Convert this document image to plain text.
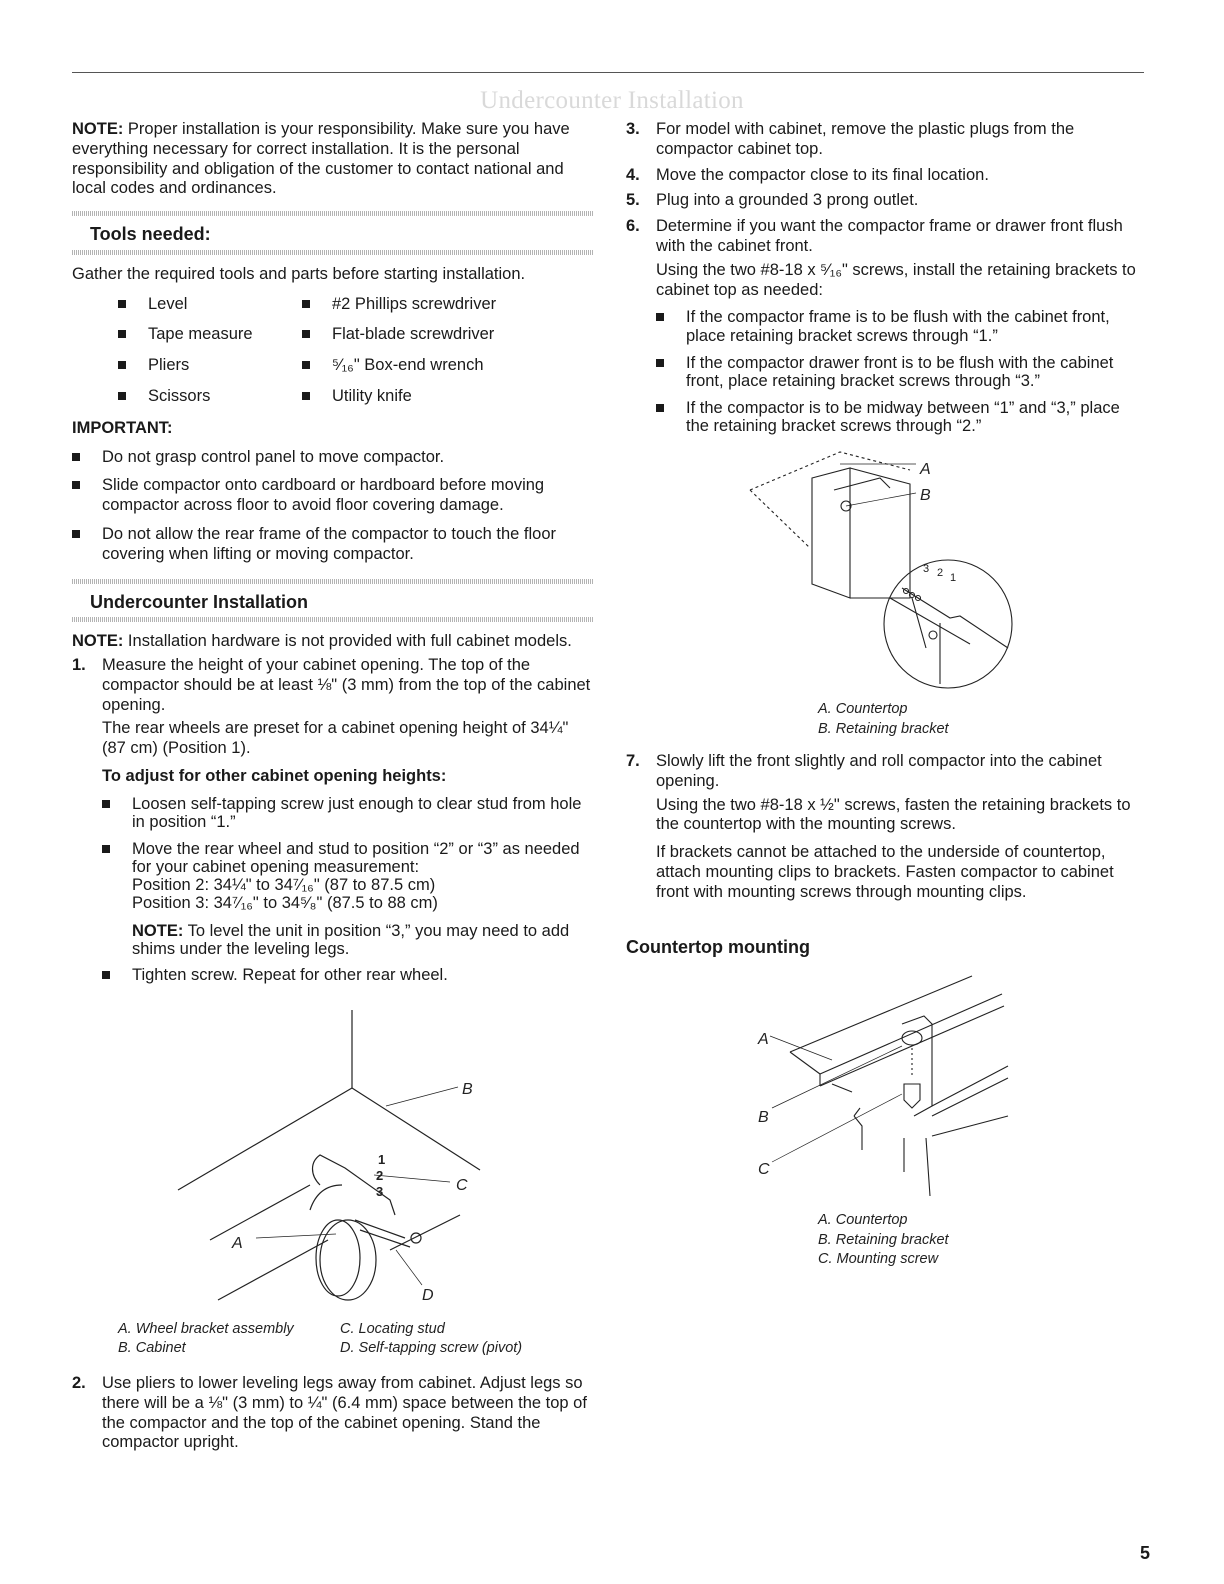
Undercounter Installation

NOTE: Proper installation is your responsibility. Make sure you have everything necessary for correct installation. It is the personal responsibility and obligation of the customer to contact national and local codes and ordinances.

Tools needed:

Gather the required tools and parts before starting installation.

Level	#2 Phillips screwdriver
Tape measure	Flat-blade screwdriver
Pliers	⁵⁄₁₆" Box-end wrench
Scissors	Utility knife
IMPORTANT:
Do not grasp control panel to move compactor.
Slide compactor onto cardboard or hardboard before moving compactor across floor to avoid floor covering damage.
Do not allow the rear frame of the compactor to touch the floor covering when lifting or moving compactor.
Undercounter Installation

NOTE: Installation hardware is not provided with full cabinet models.

1. Measure the height of your cabinet opening. The top of the compactor should be at least ⅛" (3 mm) from the top of the cabinet opening.
The rear wheels are preset for a cabinet opening height of 34¼" (87 cm) (Position 1).
To adjust for other cabinet opening heights:
Loosen self-tapping screw just enough to clear stud from hole in position “1.”
Move the rear wheel and stud to position “2” or “3” as needed for your cabinet opening measurement:
Position 2: 34¼" to 34⁷⁄₁₆" (87 to 87.5 cm)
Position 3: 34⁷⁄₁₆" to 34⁵⁄₈" (87.5 to 88 cm)

NOTE: To level the unit in position “3,” you may need to add shims under the leveling legs.

Tighten screw. Repeat for other rear wheel.
B
A
C
D
1
2
3
A. Wheel bracket assembly	C. Locating stud
B. Cabinet	D. Self-tapping screw (pivot)
2. Use pliers to lower leveling legs away from cabinet. Adjust legs so there will be a ⅛" (3 mm) to ¼" (6.4 mm) space between the top of the compactor and the top of the cabinet opening. Stand the compactor upright.
3. For model with cabinet, remove the plastic plugs from the compactor cabinet top.
4. Move the compactor close to its final location.
5. Plug into a grounded 3 prong outlet.
6. Determine if you want the compactor frame or drawer front flush with the cabinet front.
Using the two #8-18 x ⁵⁄₁₆" screws, install the retaining brackets to cabinet top as needed:
If the compactor frame is to be flush with the cabinet front, place retaining bracket screws through “1.”
If the compactor drawer front is to be flush with the cabinet front, place retaining bracket screws through “3.”
If the compactor is to be midway between “1” and “3,” place the retaining bracket screws through “2.”
A
B
3 2 1
A. Countertop
B. Retaining bracket
7. Slowly lift the front slightly and roll compactor into the cabinet opening.
Using the two #8-18 x ½" screws, fasten the retaining brackets to the countertop with the mounting screws.
If brackets cannot be attached to the underside of countertop, attach mounting clips to brackets. Fasten compactor to cabinet front with mounting screws through mounting clips.
Countertop mounting
A
B
C
A. Countertop
B. Retaining bracket
C. Mounting screw
5
